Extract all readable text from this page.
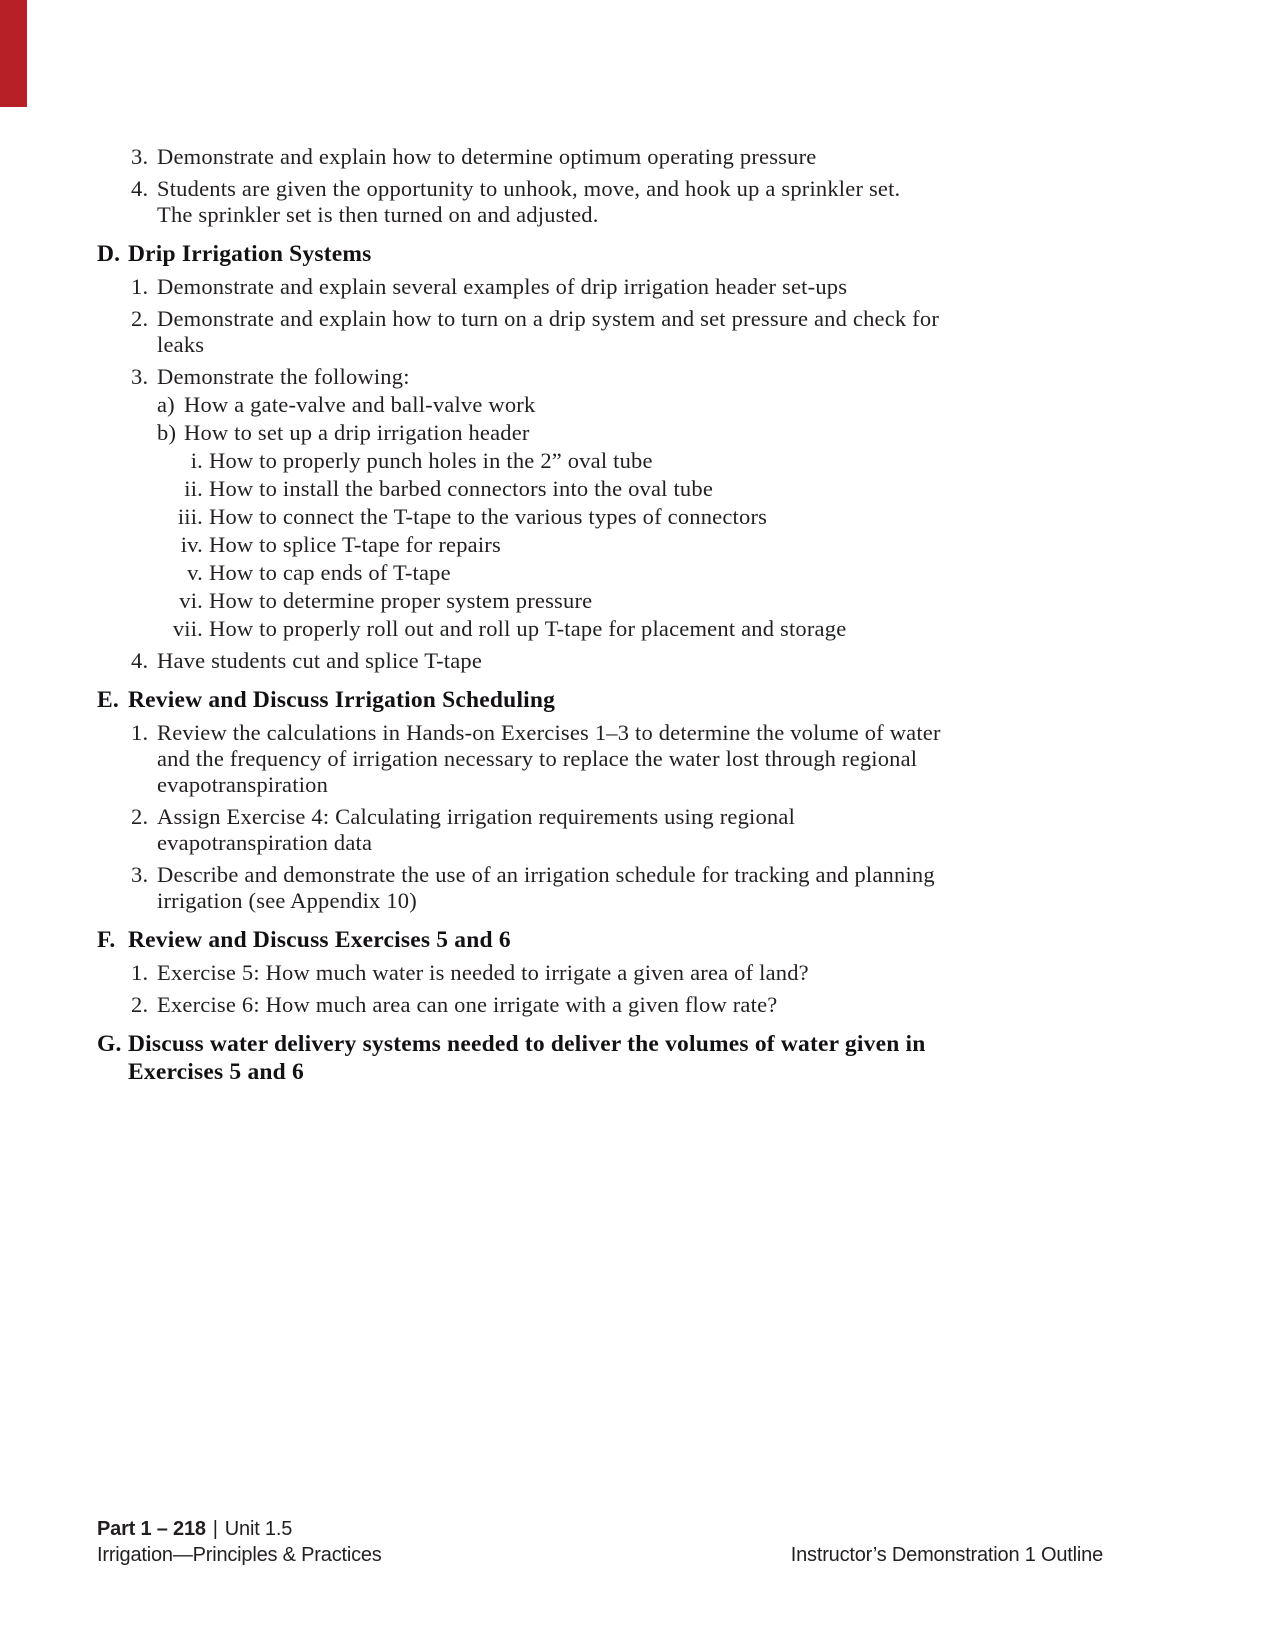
3. Demonstrate and explain how to determine optimum operating pressure
4. Students are given the opportunity to unhook, move, and hook up a sprinkler set.
The sprinkler set is then turned on and adjusted.
D. Drip Irrigation Systems
1. Demonstrate and explain several examples of drip irrigation header set-ups
2. Demonstrate and explain how to turn on a drip system and set pressure and check for
leaks
3. Demonstrate the following:
a) How a gate-valve and ball-valve work
b) How to set up a drip irrigation header
i. How to properly punch holes in the 2” oval tube
ii. How to install the barbed connectors into the oval tube
iii. How to connect the T-tape to the various types of connectors
iv. How to splice T-tape for repairs
v. How to cap ends of T-tape
vi. How to determine proper system pressure
vii. How to properly roll out and roll up T-tape for placement and storage
4. Have students cut and splice T-tape
E. Review and Discuss Irrigation Scheduling
1. Review the calculations in Hands-on Exercises 1–3 to determine the volume of water
and the frequency of irrigation necessary to replace the water lost through regional
evapotranspiration
2. Assign Exercise 4: Calculating irrigation requirements using regional
evapotranspiration data
3. Describe and demonstrate the use of an irrigation schedule for tracking and planning
irrigation (see Appendix 10)
F. Review and Discuss Exercises 5 and 6
1. Exercise 5: How much water is needed to irrigate a given area of land?
2. Exercise 6: How much area can one irrigate with a given flow rate?
G. Discuss water delivery systems needed to deliver the volumes of water given in
Exercises 5 and 6
Part 1 – 218 | Unit 1.5
Irrigation—Principles & Practices	Instructor’s Demonstration 1 Outline
